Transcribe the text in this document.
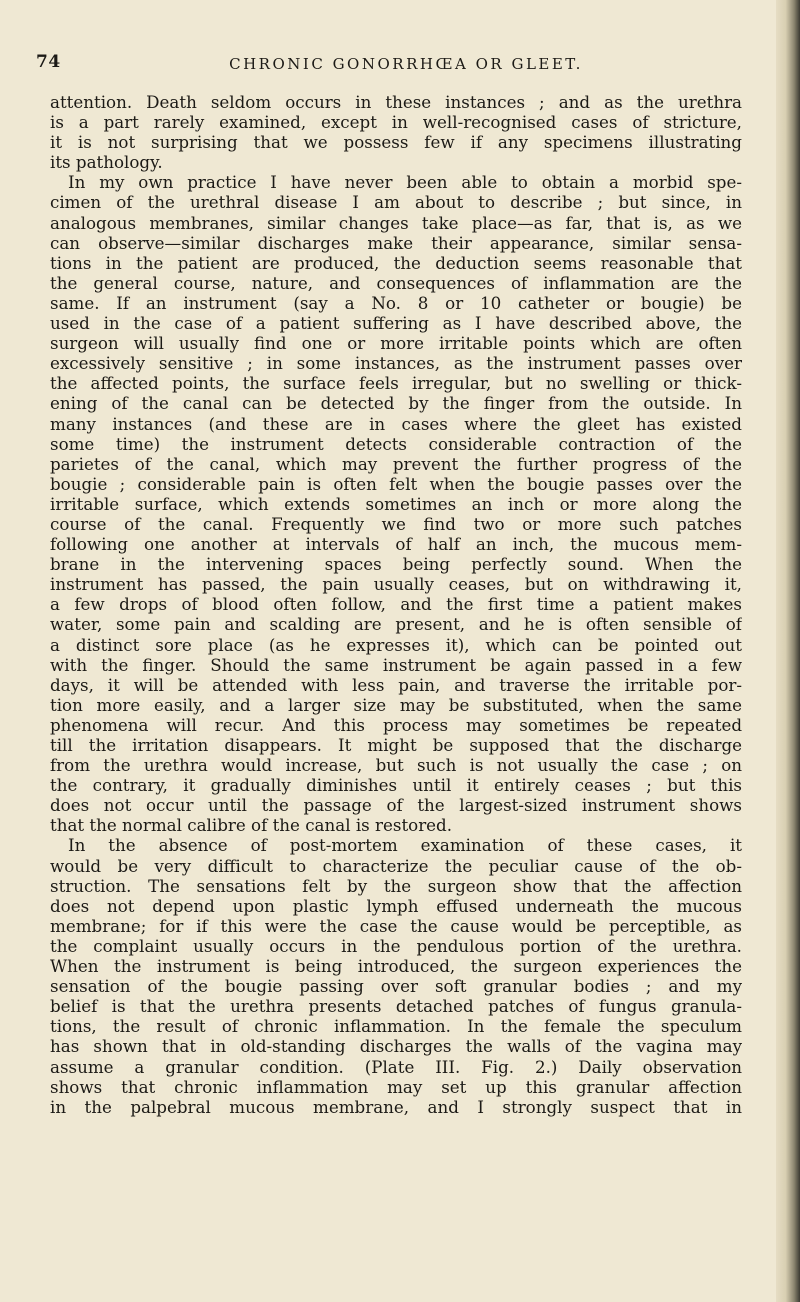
74	CHRONIC GONORRHŒA OR GLEET.
attention. Death seldom occurs in these instances ; and as the urethra
is a part rarely examined, except in well-recognised cases of stricture,
it is not surprising that we possess few if any specimens illustrating
its pathology.
In my own practice I have never been able to obtain a morbid spe-
cimen of the urethral disease I am about to describe ; but since, in
analogous membranes, similar changes take place—as far, that is, as we
can observe—similar discharges make their appearance, similar sensa-
tions in the patient are produced, the deduction seems reasonable that
the general course, nature, and consequences of inflammation are the
same. If an instrument (say a No. 8 or 10 catheter or bougie) be
used in the case of a patient suffering as I have described above, the
surgeon will usually find one or more irritable points which are often
excessively sensitive ; in some instances, as the instrument passes over
the affected points, the surface feels irregular, but no swelling or thick-
ening of the canal can be detected by the finger from the outside. In
many instances (and these are in cases where the gleet has existed
some time) the instrument detects considerable contraction of the
parietes of the canal, which may prevent the further progress of the
bougie ; considerable pain is often felt when the bougie passes over the
irritable surface, which extends sometimes an inch or more along the
course of the canal. Frequently we find two or more such patches
following one another at intervals of half an inch, the mucous mem-
brane in the intervening spaces being perfectly sound. When the
instrument has passed, the pain usually ceases, but on withdrawing it,
a few drops of blood often follow, and the first time a patient makes
water, some pain and scalding are present, and he is often sensible of
a distinct sore place (as he expresses it), which can be pointed out
with the finger. Should the same instrument be again passed in a few
days, it will be attended with less pain, and traverse the irritable por-
tion more easily, and a larger size may be substituted, when the same
phenomena will recur. And this process may sometimes be repeated
till the irritation disappears. It might be supposed that the discharge
from the urethra would increase, but such is not usually the case ; on
the contrary, it gradually diminishes until it entirely ceases ; but this
does not occur until the passage of the largest-sized instrument shows
that the normal calibre of the canal is restored.
In the absence of post-mortem examination of these cases, it
would be very difficult to characterize the peculiar cause of the ob-
struction. The sensations felt by the surgeon show that the affection
does not depend upon plastic lymph effused underneath the mucous
membrane; for if this were the case the cause would be perceptible, as
the complaint usually occurs in the pendulous portion of the urethra.
When the instrument is being introduced, the surgeon experiences the
sensation of the bougie passing over soft granular bodies ; and my
belief is that the urethra presents detached patches of fungus granula-
tions, the result of chronic inflammation. In the female the speculum
has shown that in old-standing discharges the walls of the vagina may
assume a granular condition. (Plate III. Fig. 2.) Daily observation
shows that chronic inflammation may set up this granular affection
in the palpebral mucous membrane, and I strongly suspect that in
